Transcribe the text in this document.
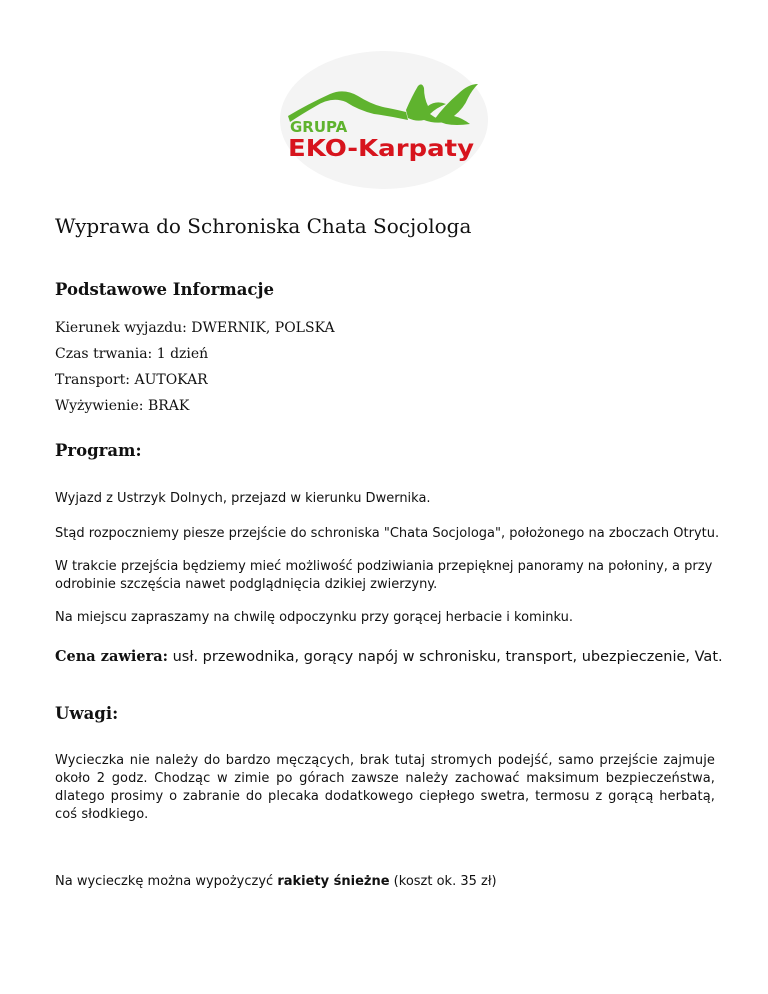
GRUPA
EKO-Karpaty
Wyprawa do Schroniska Chata Socjologa
Podstawowe Informacje

Kierunek wyjazdu: DWERNIK, POLSKA

Czas trwania: 1 dzień

Transport: AUTOKAR

Wyżywienie: BRAK

Program:

Wyjazd z Ustrzyk Dolnych, przejazd w kierunku Dwernika.

Stąd rozpoczniemy piesze przejście do schroniska "Chata Socjologa", położonego na zboczach Otrytu.

W trakcie przejścia będziemy mieć możliwość podziwiania przepięknej panoramy na połoniny, a przy odrobinie szczęścia nawet podglądnięcia dzikiej zwierzyny.

Na miejscu zapraszamy na chwilę odpoczynku przy gorącej herbacie i kominku.

Cena zawiera: usł. przewodnika, gorący napój w schronisku, transport, ubezpieczenie, Vat.

Uwagi:

Wycieczka nie należy do bardzo męczących, brak tutaj stromych podejść, samo przejście zajmuje około 2 godz. Chodząc w zimie po górach zawsze należy zachować maksimum bezpieczeństwa, dlatego prosimy o zabranie do plecaka dodatkowego ciepłego swetra, termosu z gorącą herbatą, coś słodkiego.

Na wycieczkę można wypożyczyć rakiety śnieżne (koszt ok. 35 zł)
